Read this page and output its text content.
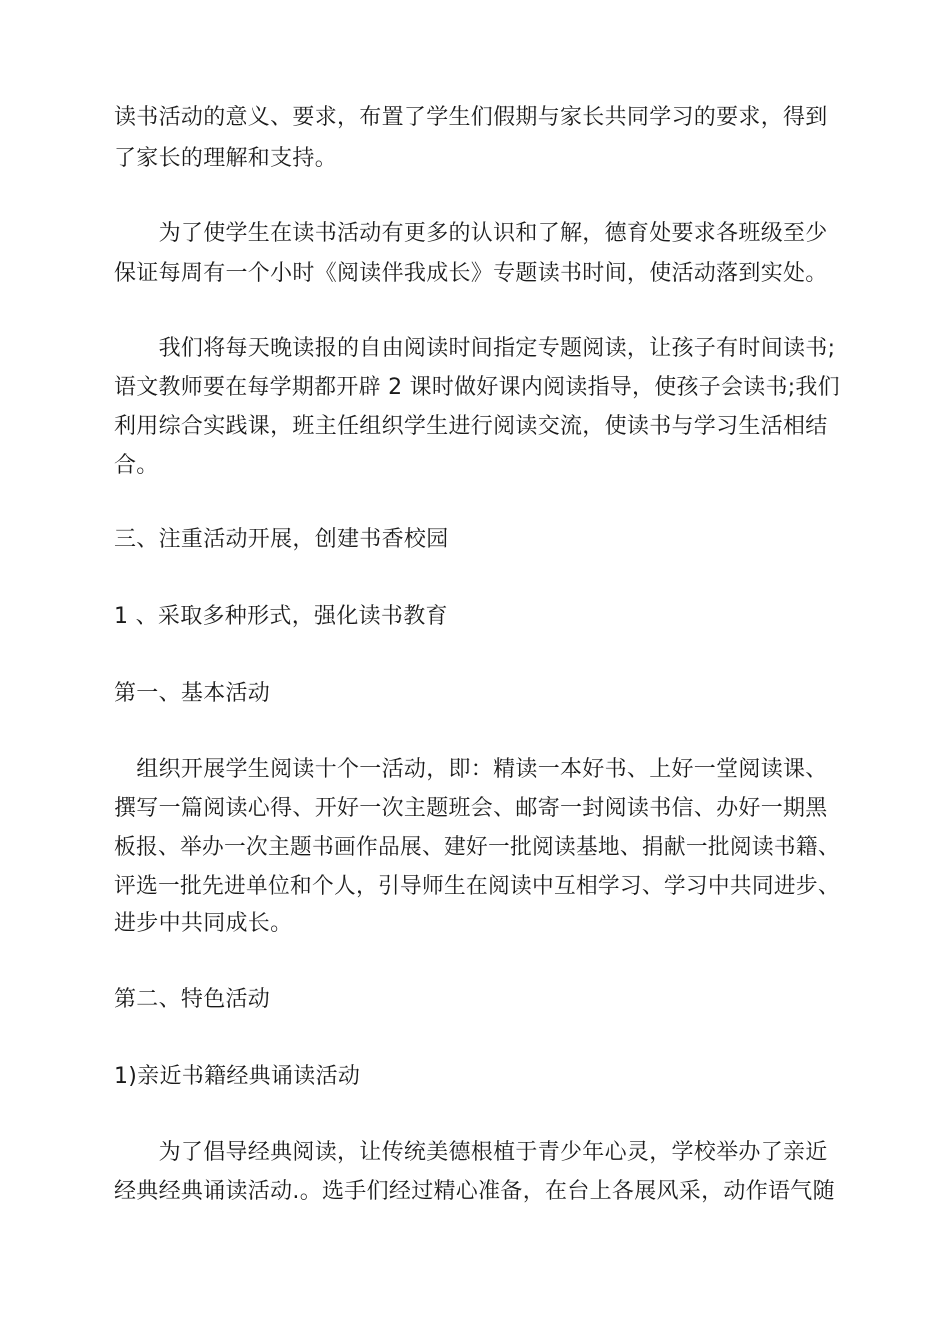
读书活动的意义、要求，布置了学生们假期与家长共同学习的要求，得到
了家长的理解和支持。
　　为了使学生在读书活动有更多的认识和了解，德育处要求各班级至少
保证每周有一个小时《阅读伴我成长》专题读书时间，使活动落到实处。
　　我们将每天晚读报的自由阅读时间指定专题阅读，让孩子有时间读书;
语文教师要在每学期都开辟 2 课时做好课内阅读指导，使孩子会读书;我们
利用综合实践课，班主任组织学生进行阅读交流，使读书与学习生活相结
合。
三、注重活动开展，创建书香校园
1 、采取多种形式，强化读书教育
第一、基本活动
　组织开展学生阅读十个一活动，即：精读一本好书、上好一堂阅读课、
撰写一篇阅读心得、开好一次主题班会、邮寄一封阅读书信、办好一期黑
板报、举办一次主题书画作品展、建好一批阅读基地、捐献一批阅读书籍、
评选一批先进单位和个人，引导师生在阅读中互相学习、学习中共同进步、
进步中共同成长。
第二、特色活动
1)亲近书籍经典诵读活动
　　为了倡导经典阅读，让传统美德根植于青少年心灵，学校举办了亲近
经典经典诵读活动.。选手们经过精心准备，在台上各展风采，动作语气随
